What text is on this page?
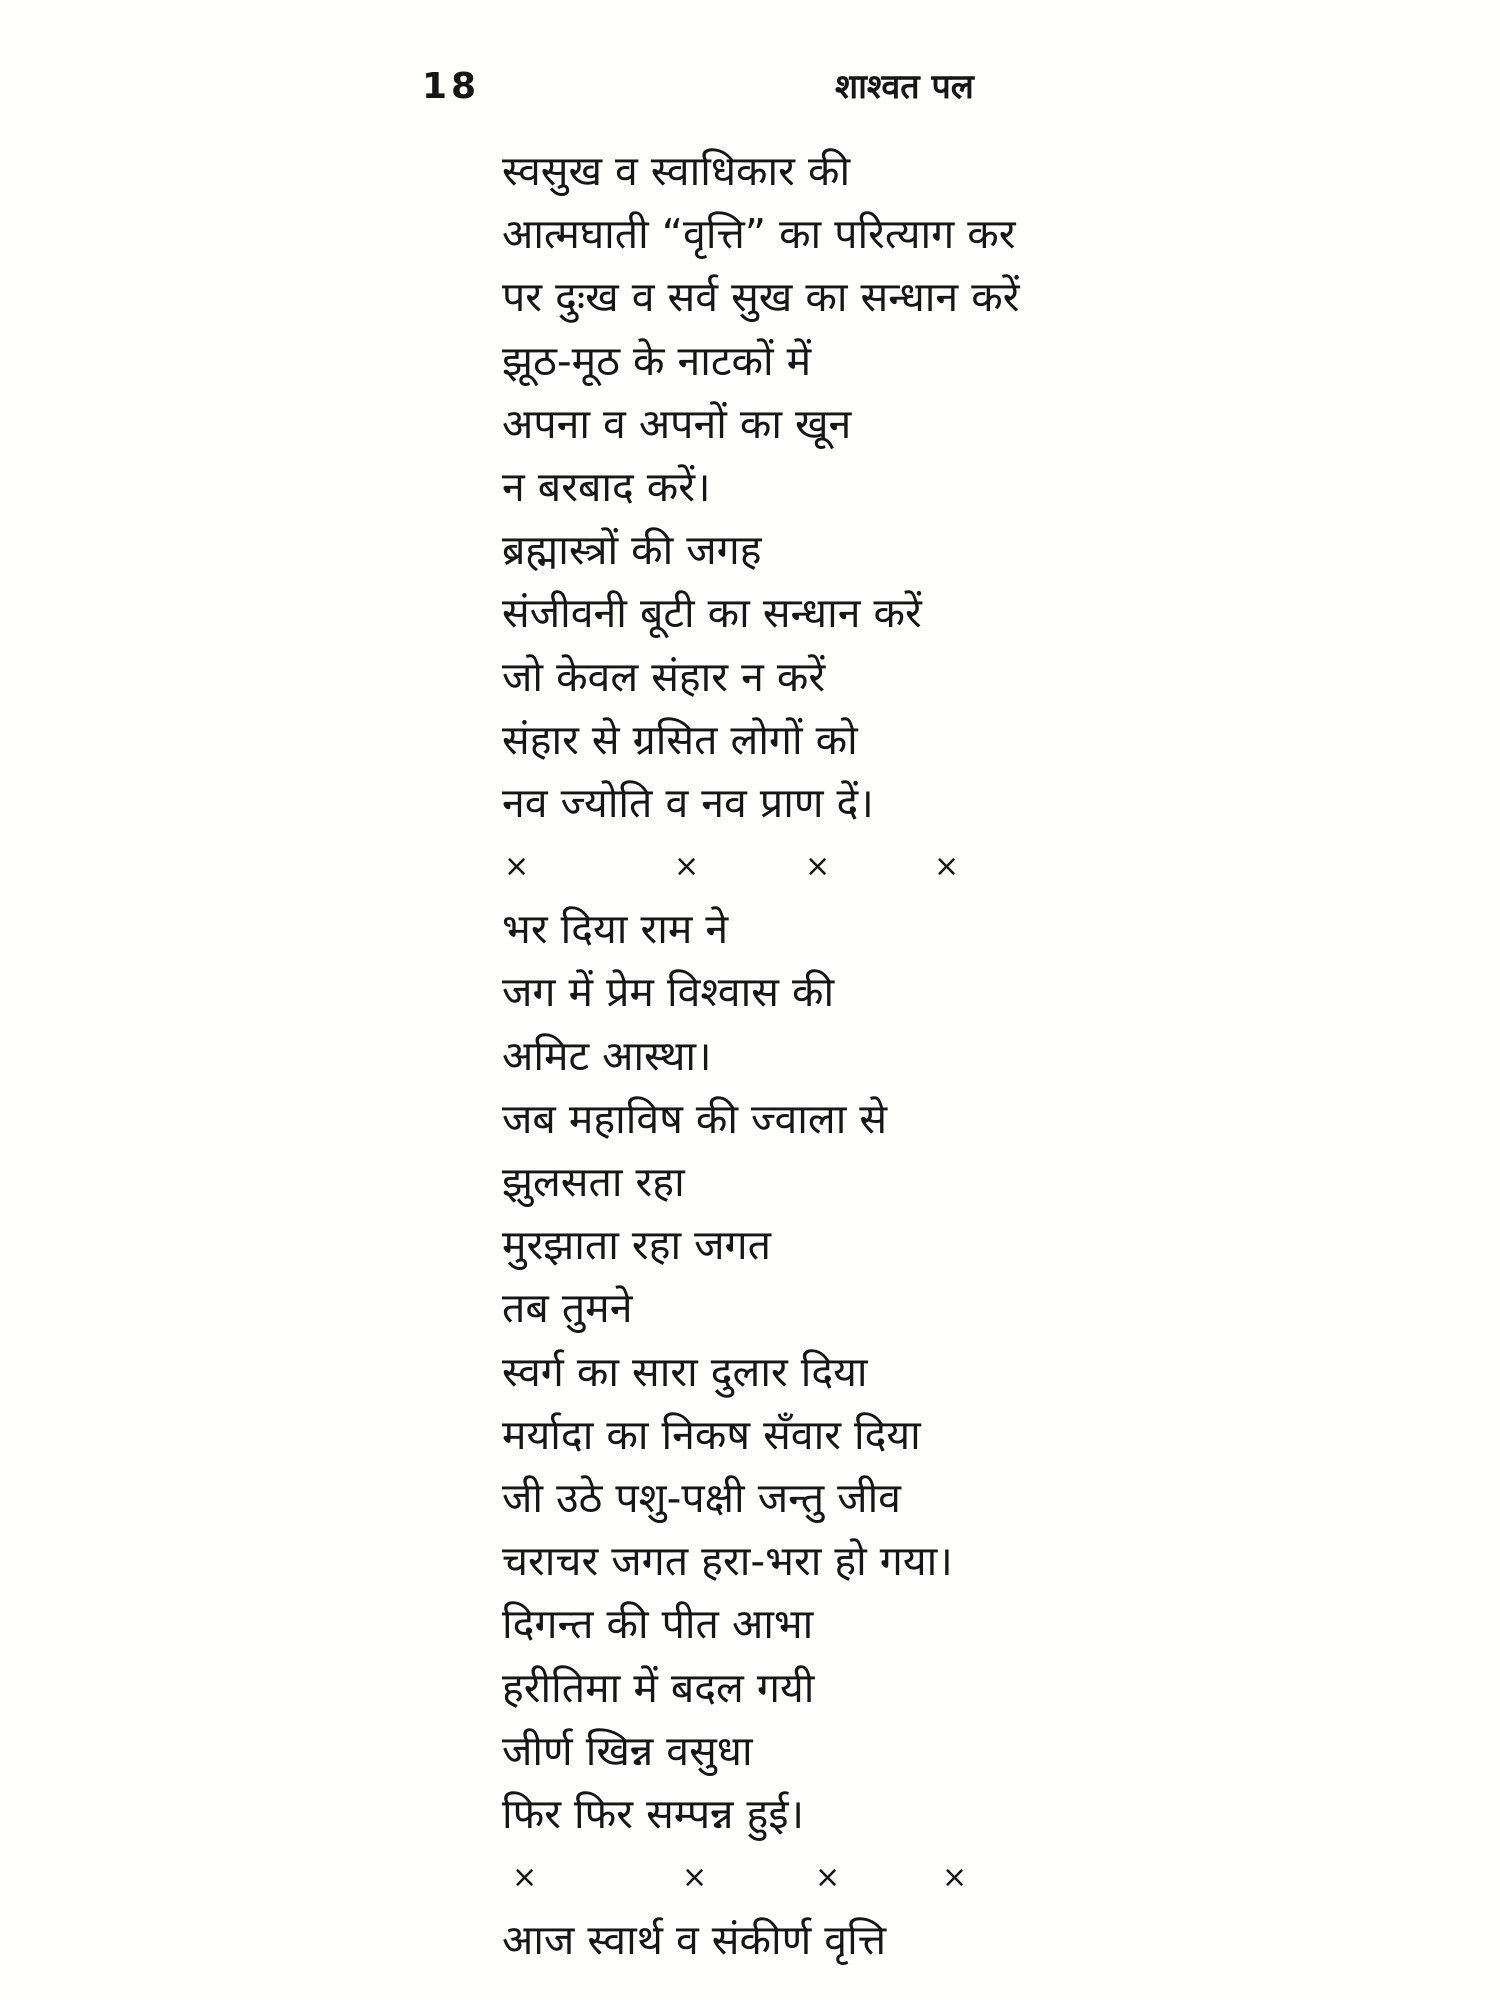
18	शाश्वत पल
स्वसुख व स्वाधिकार की
आत्मघाती “वृत्ति” का परित्याग कर
पर दुःख व सर्व सुख का सन्धान करें
झूठ-मूठ के नाटकों में
अपना व अपनों का खून
न बरबाद करें।
ब्रह्मास्त्रों की जगह
संजीवनी बूटी का सन्धान करें
जो केवल संहार न करें
संहार से ग्रसित लोगों को
नव ज्योति व नव प्राण दें।
×	×	×	×
भर दिया राम ने
जग में प्रेम विश्वास की
अमिट आस्था।
जब महाविष की ज्वाला से
झुलसता रहा
मुरझाता रहा जगत
तब तुमने
स्वर्ग का सारा दुलार दिया
मर्यादा का निकष सँवार दिया
जी उठे पशु-पक्षी जन्तु जीव
चराचर जगत हरा-भरा हो गया।
दिगन्त की पीत आभा
हरीतिमा में बदल गयी
जीर्ण खिन्न वसुधा
फिर फिर सम्पन्न हुई।
×	×	×	×
आज स्वार्थ व संकीर्ण वृत्ति
